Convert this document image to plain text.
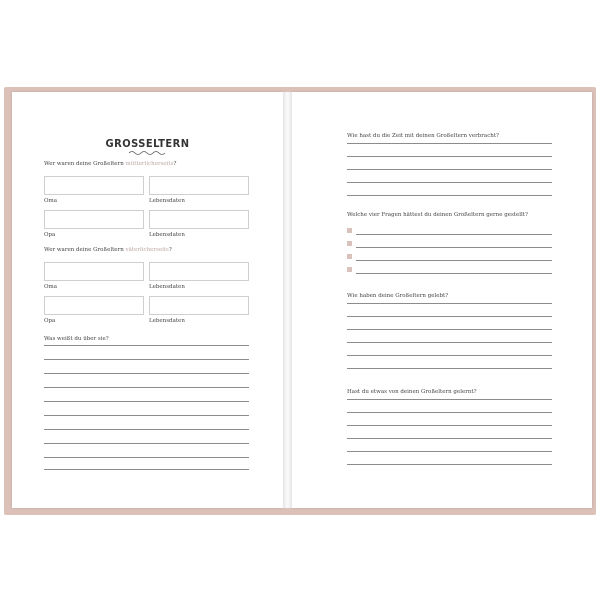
GROSSELTERN
Wer waren deine Großeltern mütterlicherseits?
Oma	Lebensdaten
Opa	Lebensdaten
Wer waren deine Großeltern väterlicherseits?
Oma	Lebensdaten
Opa	Lebensdaten
Was weißt du über sie?
Wie hast du die Zeit mit deinen Großeltern verbracht?
Welche vier Fragen hättest du deinen Großeltern gerne gestellt?
Wie haben deine Großeltern gelebt?
Hast du etwas von deinen Großeltern gelernt?
